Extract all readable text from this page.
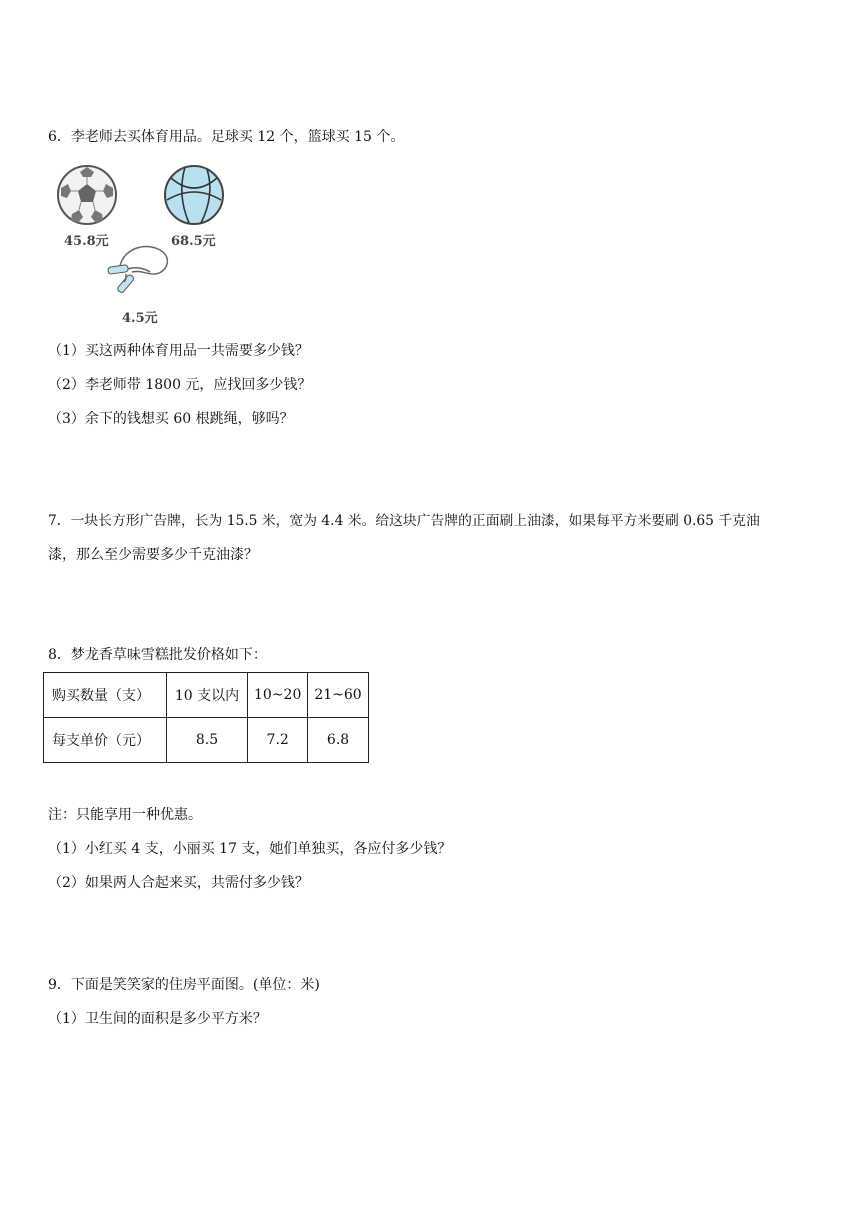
6．李老师去买体育用品。足球买 12 个，篮球买 15 个。
45.8元	68.5元
4.5元
（1）买这两种体育用品一共需要多少钱？
（2）李老师带 1800 元，应找回多少钱？
（3）余下的钱想买 60 根跳绳，够吗？
7．一块长方形广告牌，长为 15.5 米，宽为 4.4 米。给这块广告牌的正面刷上油漆，如果每平方米要刷 0.65 千克油
漆，那么至少需要多少千克油漆？
8．梦龙香草味雪糕批发价格如下：
购买数量（支）	10 支以内	10~20	21~60
每支单价（元）	8.5	7.2	6.8
注：只能享用一种优惠。
（1）小红买 4 支，小丽买 17 支，她们单独买，各应付多少钱？
（2）如果两人合起来买，共需付多少钱？
9．下面是笑笑家的住房平面图。(单位：米)
（1）卫生间的面积是多少平方米？
